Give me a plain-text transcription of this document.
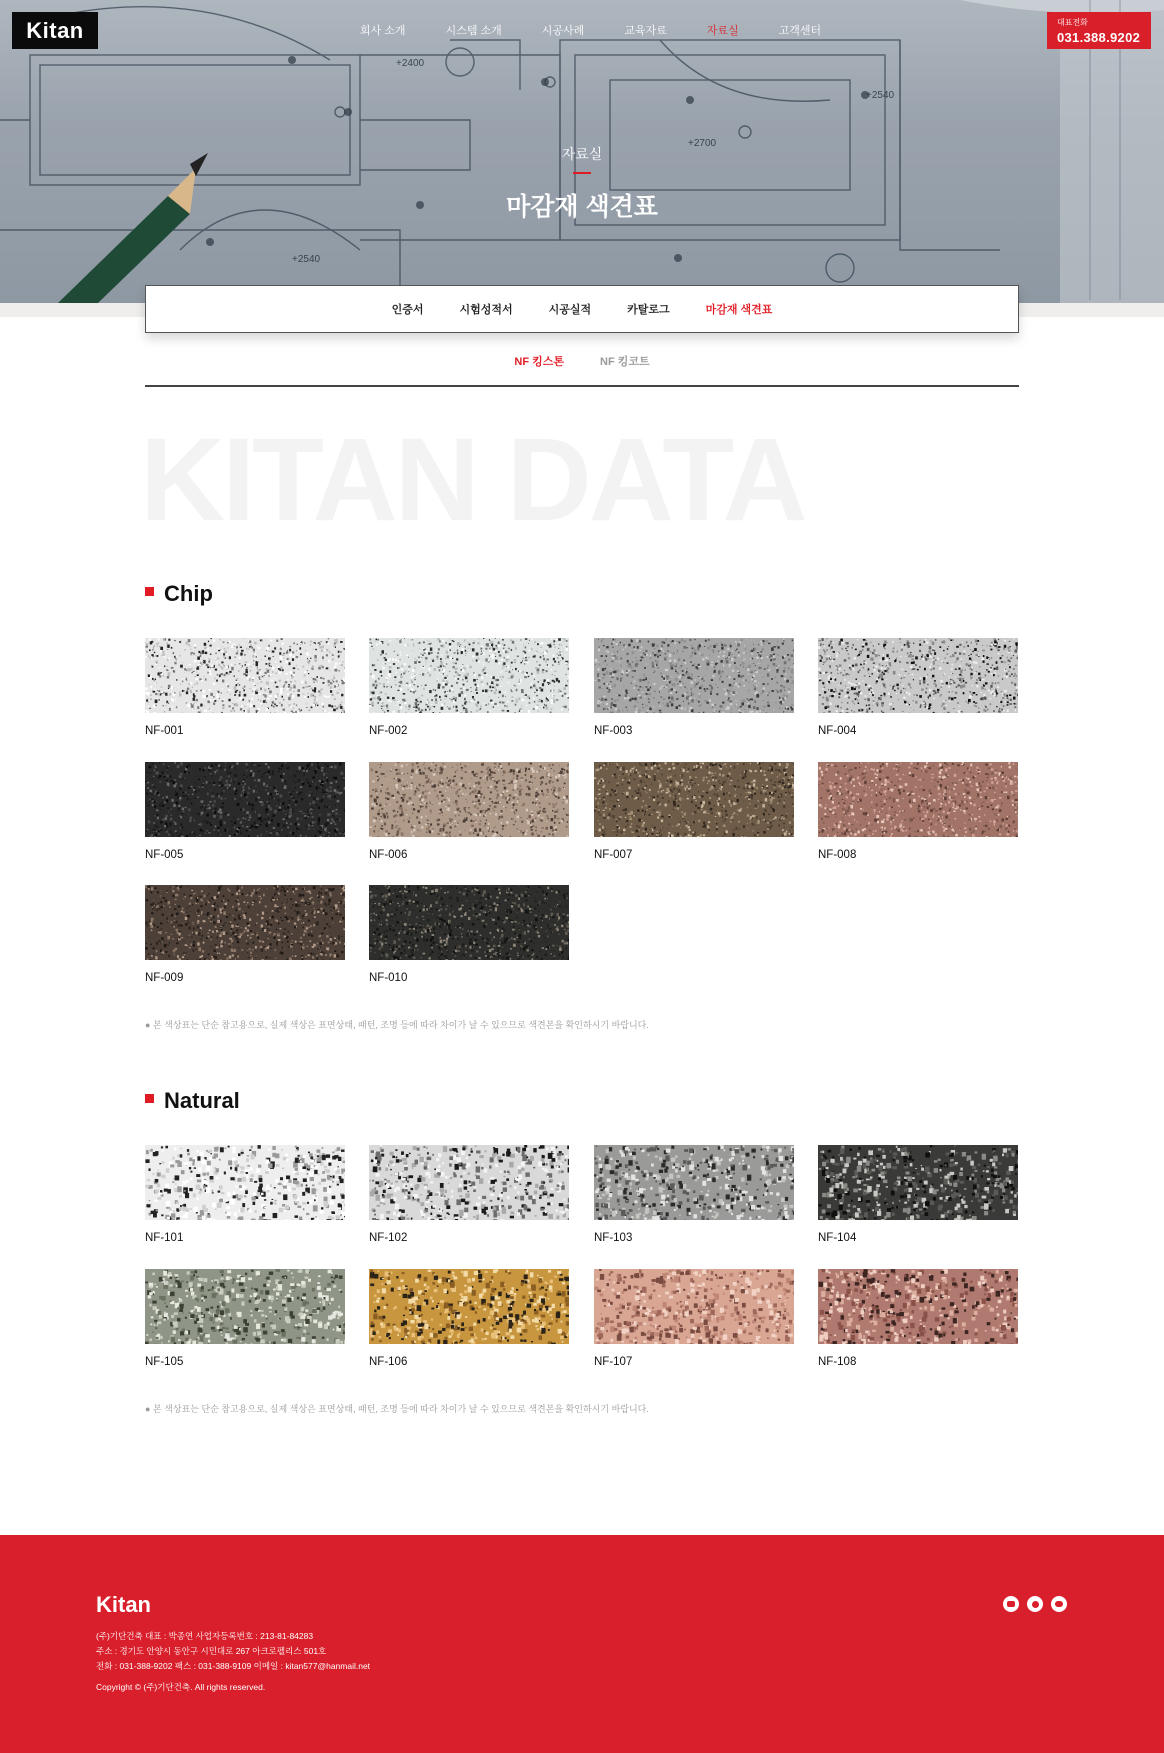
+2400
+2700
+2540
+2540
Kitan	회사 소개	시스템 소개	시공사례	교육자료	자료실	고객센터
대표전화
031.388.9202
자료실
마감재 색견표
인증서	시험성적서	시공실적	카탈로그	마감재 색견표
NF 킹스톤	NF 킹코트
KITAN DATA
Chip
NF-001	NF-002	NF-003	NF-004
NF-005	NF-006	NF-007	NF-008
NF-009	NF-010
● 본 색상표는 단순 참고용으로, 실제 색상은 표면상태, 패턴, 조명 등에 따라 차이가 날 수 있으므로 색견본을 확인하시기 바랍니다.
Natural
NF-101	NF-102	NF-103	NF-104
NF-105	NF-106	NF-107	NF-108
● 본 색상표는 단순 참고용으로, 실제 색상은 표면상태, 패턴, 조명 등에 따라 차이가 날 수 있으므로 색견본을 확인하시기 바랍니다.
Kitan

(주)기단건축 대표 : 박종연 사업자등록번호 : 213-81-84283

주소 : 경기도 안양시 동안구 시민대로 267 아크로펠리스 501호

전화 : 031-388-9202 팩스 : 031-388-9109 이메일 : kitan577@hanmail.net

Copyright © (주)기단건축. All rights reserved.
